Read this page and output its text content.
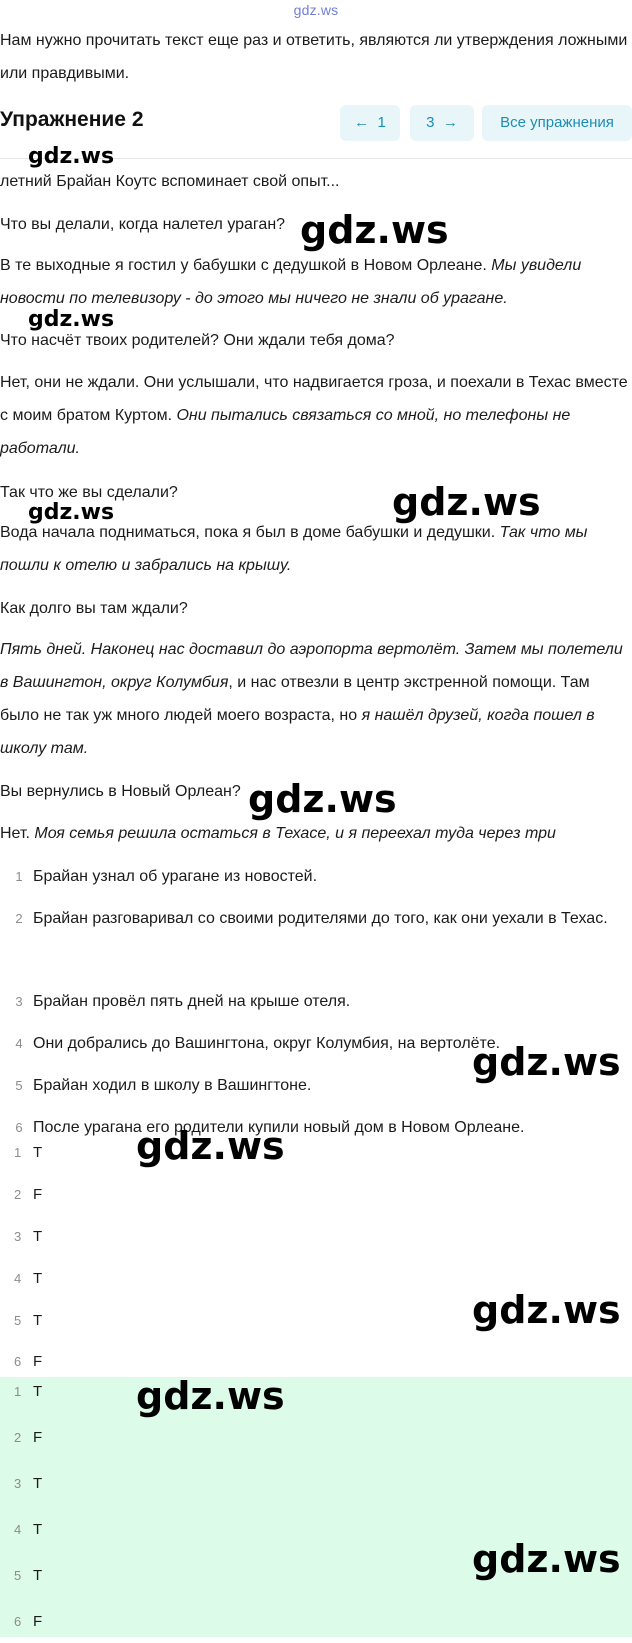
gdz.ws
Нам нужно прочитать текст еще раз и ответить, являются ли утверждения ложными или правдивыми.
Упражнение 2	← 1	3 →	Все упражнения
летний Брайан Коутс вспоминает свой опыт...
Что вы делали, когда налетел ураган?
В те выходные я гостил у бабушки с дедушкой в Новом Орлеане. Мы увидели новости по телевизору - до этого мы ничего не знали об урагане.
Что насчёт твоих родителей? Они ждали тебя дома?
Нет, они не ждали. Они услышали, что надвигается гроза, и поехали в Техас вместе с моим братом Куртом. Они пытались связаться со мной, но телефоны не работали.
Так что же вы сделали?
Вода начала подниматься, пока я был в доме бабушки и дедушки. Так что мы пошли к отелю и забрались на крышу.
Как долго вы там ждали?
Пять дней. Наконец нас доставил до аэропорта вертолёт. Затем мы полетели в Вашингтон, округ Колумбия, и нас отвезли в центр экстренной помощи. Там было не так уж много людей моего возраста, но я нашёл друзей, когда пошел в школу там.
Вы вернулись в Новый Орлеан?
Нет. Моя семья решила остаться в Техасе, и я переехал туда через три
1 Брайан узнал об урагане из новостей.
2 Брайан разговаривал со своими родителями до того, как они уехали в Техас.
3 Брайан провёл пять дней на крыше отеля.
4 Они добрались до Вашингтона, округ Колумбия, на вертолёте.
5 Брайан ходил в школу в Вашингтоне.
6 После урагана его родители купили новый дом в Новом Орлеане.
1 T
2 F
3 T
4 T
5 T
6 F
1 T
2 F
3 T
4 T
5 T
6 F
gdz.ws
gdz.ws
gdz.ws
gdz.ws
gdz.ws
gdz.ws
gdz.ws
gdz.ws
gdz.ws
gdz.ws
gdz.ws
